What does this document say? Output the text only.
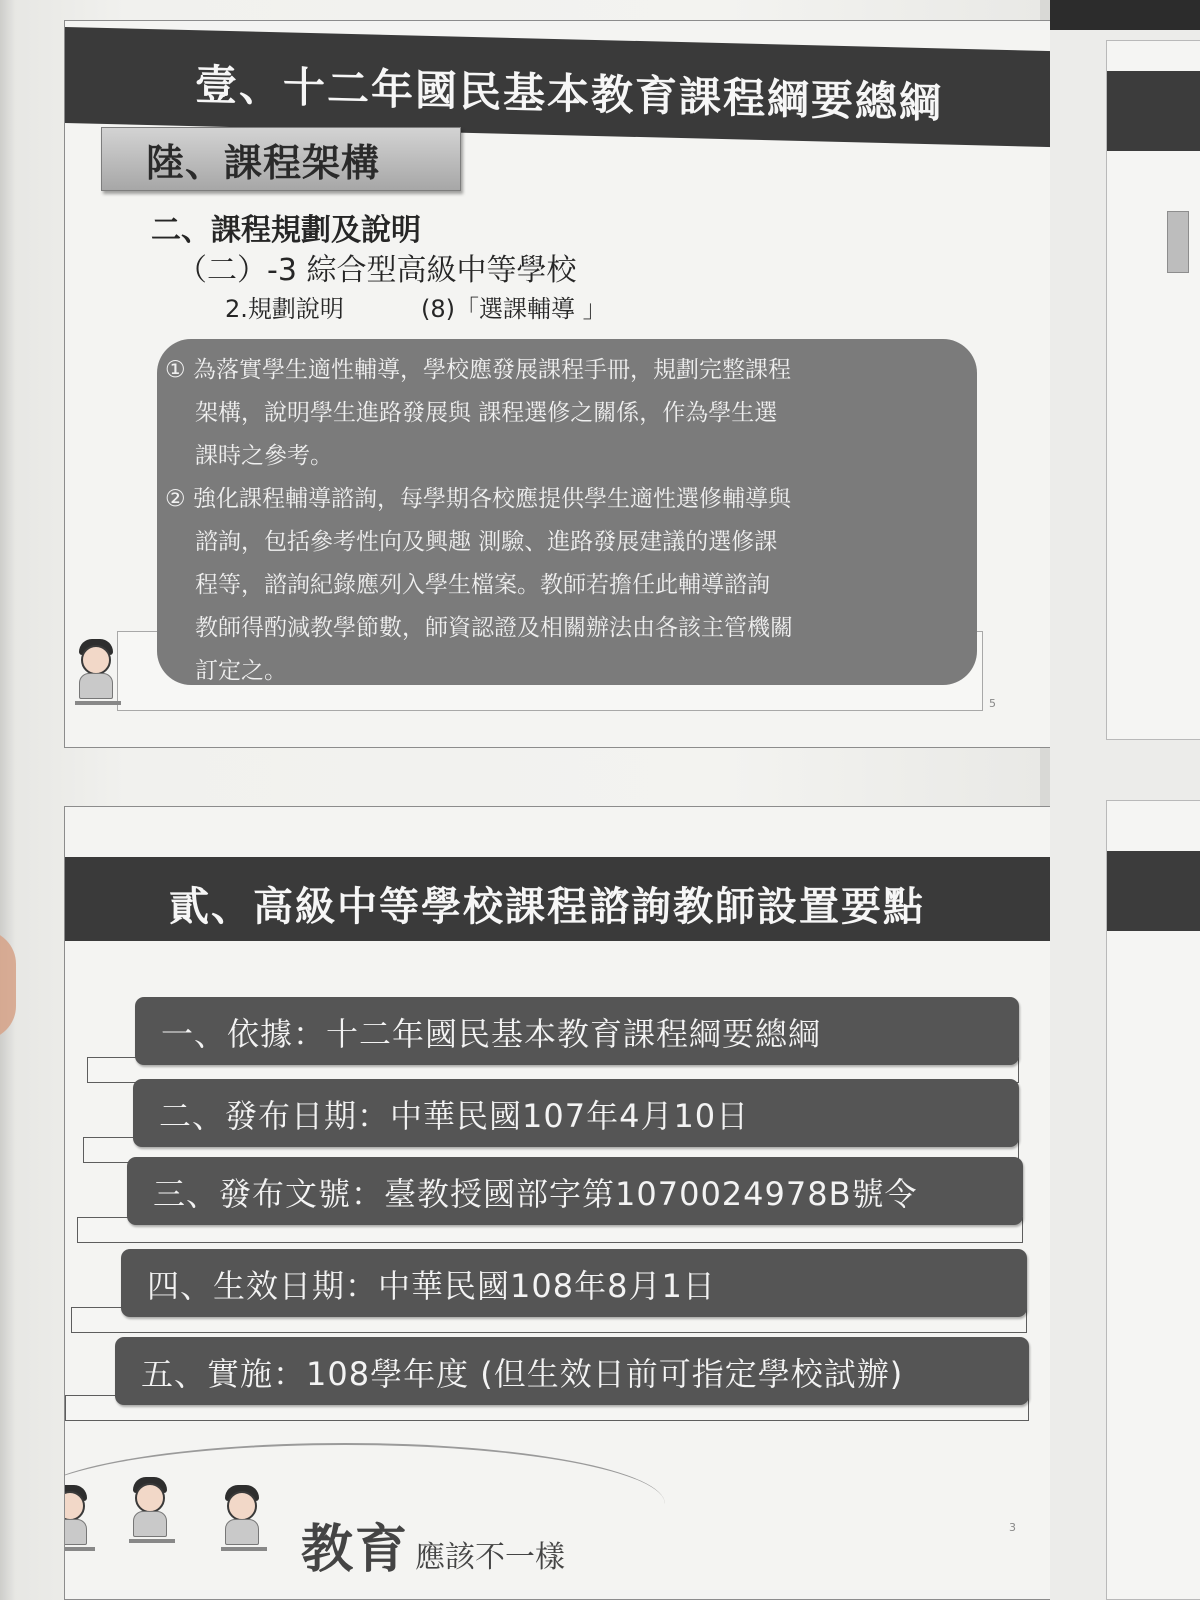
壹、十二年國民基本教育課程綱要總綱
陸、課程架構
二、課程規劃及說明
（二）-3 綜合型高級中等學校
2.規劃說明	(8)「選課輔導 」

① 為落實學生適性輔導，學校應發展課程手冊，規劃完整課程
架構，說明學生進路發展與 課程選修之關係，作為學生選
課時之參考。

② 強化課程輔導諮詢，每學期各校應提供學生適性選修輔導與
諮詢，包括參考性向及興趣 測驗、進路發展建議的選修課
程等，諮詢紀錄應列入學生檔案。教師若擔任此輔導諮詢
教師得酌減教學節數，師資認證及相關辦法由各該主管機關
訂定之。

5
貳、高級中等學校課程諮詢教師設置要點
一、依據：十二年國民基本教育課程綱要總綱
二、發布日期：中華民國107年4月10日
三、發布文號：臺教授國部字第1070024978B號令
四、生效日期：中華民國108年8月1日
五、實施：108學年度 (但生效日前可指定學校試辦)
教育 應該不一樣
3
